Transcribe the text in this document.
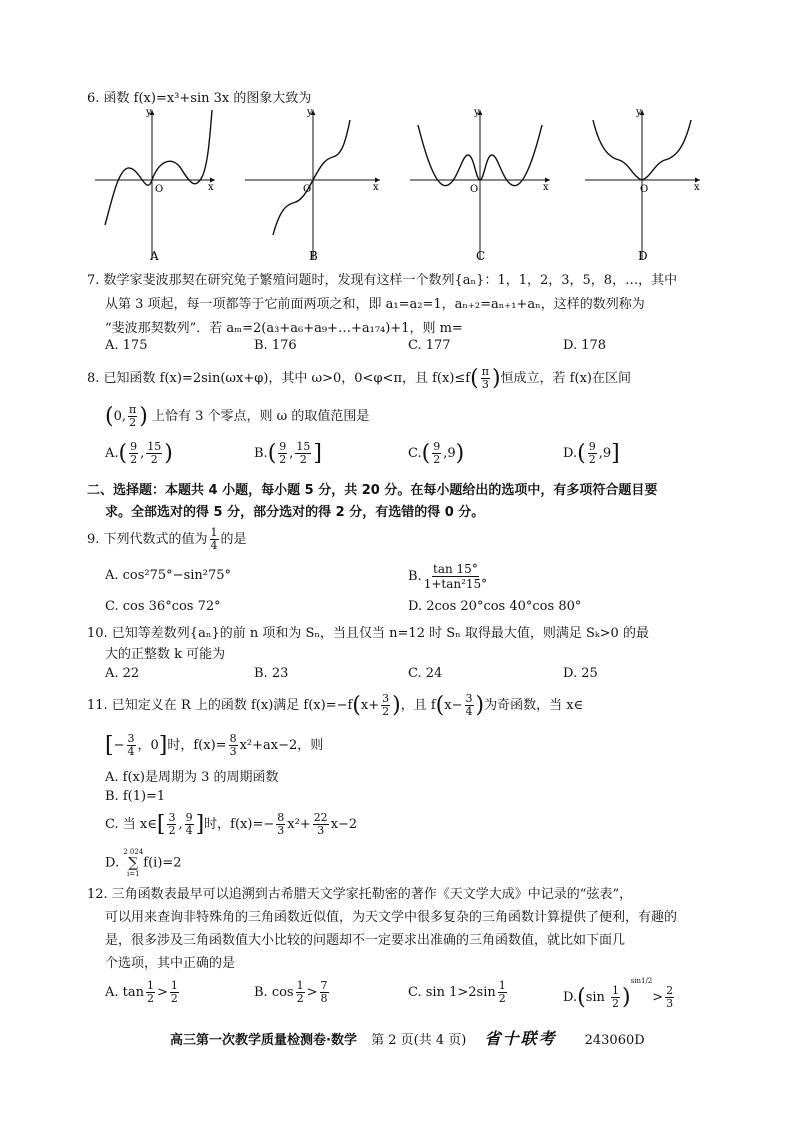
6. 函数 f(x)=x³+sin 3x 的图象大致为
y
x
O
A
y
x
O
B
y
x
O
C
y
x
O
D
7. 数学家斐波那契在研究兔子繁殖问题时，发现有这样一个数列{aₙ}：1，1，2，3，5，8，…，其中
从第 3 项起，每一项都等于它前面两项之和，即 a₁=a₂=1，aₙ₊₂=aₙ₊₁+aₙ，这样的数列称为
“斐波那契数列”．若 aₘ=2(a₃+a₆+a₉+…+a₁₇₄)+1，则 m=
A. 175	B. 176	C. 177	D. 178
8. 已知函数 f(x)=2sin(ωx+φ)，其中 ω>0，0<φ<π，且 $f(x)\le f( \frac{\pi}{3}$ )恒成立，若 f(x)在区间
(0, $\frac{\pi}{2}$ ) 上恰有 3 个零点，则 ω 的取值范围是
$A.( \frac{9}{2}$ , $\frac{15}{2}$ )	$B.( \frac{9}{2}$ , $\frac{15}{2}$ ]	$C.( \frac{9}{2} ,9)$	$D.( \frac{9}{2} ,9]$
二、选择题：本题共 4 小题，每小题 5 分，共 20 分。在每小题给出的选项中，有多项符合题目要
求。全部选对的得 5 分，部分选对的得 2 分，有选错的得 0 分。
9. 下列代数式的值为 $\frac{1}{4}$ 的是
A. cos²75°−sin²75°	B. $\frac{\tan 15^\circ}{\text{1+tan²15°}}$
C. cos 36°cos 72°	D. 2cos 20°cos 40°cos 80°
10. 已知等差数列{aₙ}的前 n 项和为 Sₙ，当且仅当 n=12 时 Sₙ 取得最大值，则满足 Sₖ>0 的最
大的正整数 k 可能为
A. 22	B. 23	C. 24	D. 25
11. 已知定义在 R 上的函数 f(x)满足 $f(x)=-f(x+ \frac{3}{2}$ )，且 $f(x- \frac{3}{4}$ )为奇函数，当 x∈
[− $\frac{3}{4}$ ，0]时，$f(x)= \frac{8}{3} x^2+ax-2$，则
A. f(x)是周期为 3 的周期函数
B. f(1)=1
C. 当 x∈[ $\frac{3}{2}$ , $\frac{9}{4}$ ]时，$f(x)=- \frac{8}{3} x^2+ \frac{22}{3} x-2$
D.
2 024
∑
i=1
f(i)=2
12. 三角函数表最早可以追溯到古希腊天文学家托勒密的著作《天文学大成》中记录的“弦表”，
可以用来查询非特殊角的三角函数近似值，为天文学中很多复杂的三角函数计算提供了便利，有趣的
是，很多涉及三角函数值大小比较的问题却不一定要求出准确的三角函数值，就比如下面几
个选项，其中正确的是
A. $\tan \frac{1}{2} > \frac{1}{2}$	B. $\cos \frac{1}{2} > \frac{7}{8}$	C. $\sin 1>2\sin \frac{1}{2}$	$D.(\sin \frac{1}{2} )^{sin1/2}> \frac{2}{3}$
高三第一次教学质量检测卷·数学 第 2 页(共 4 页) 省十联考 243060D
